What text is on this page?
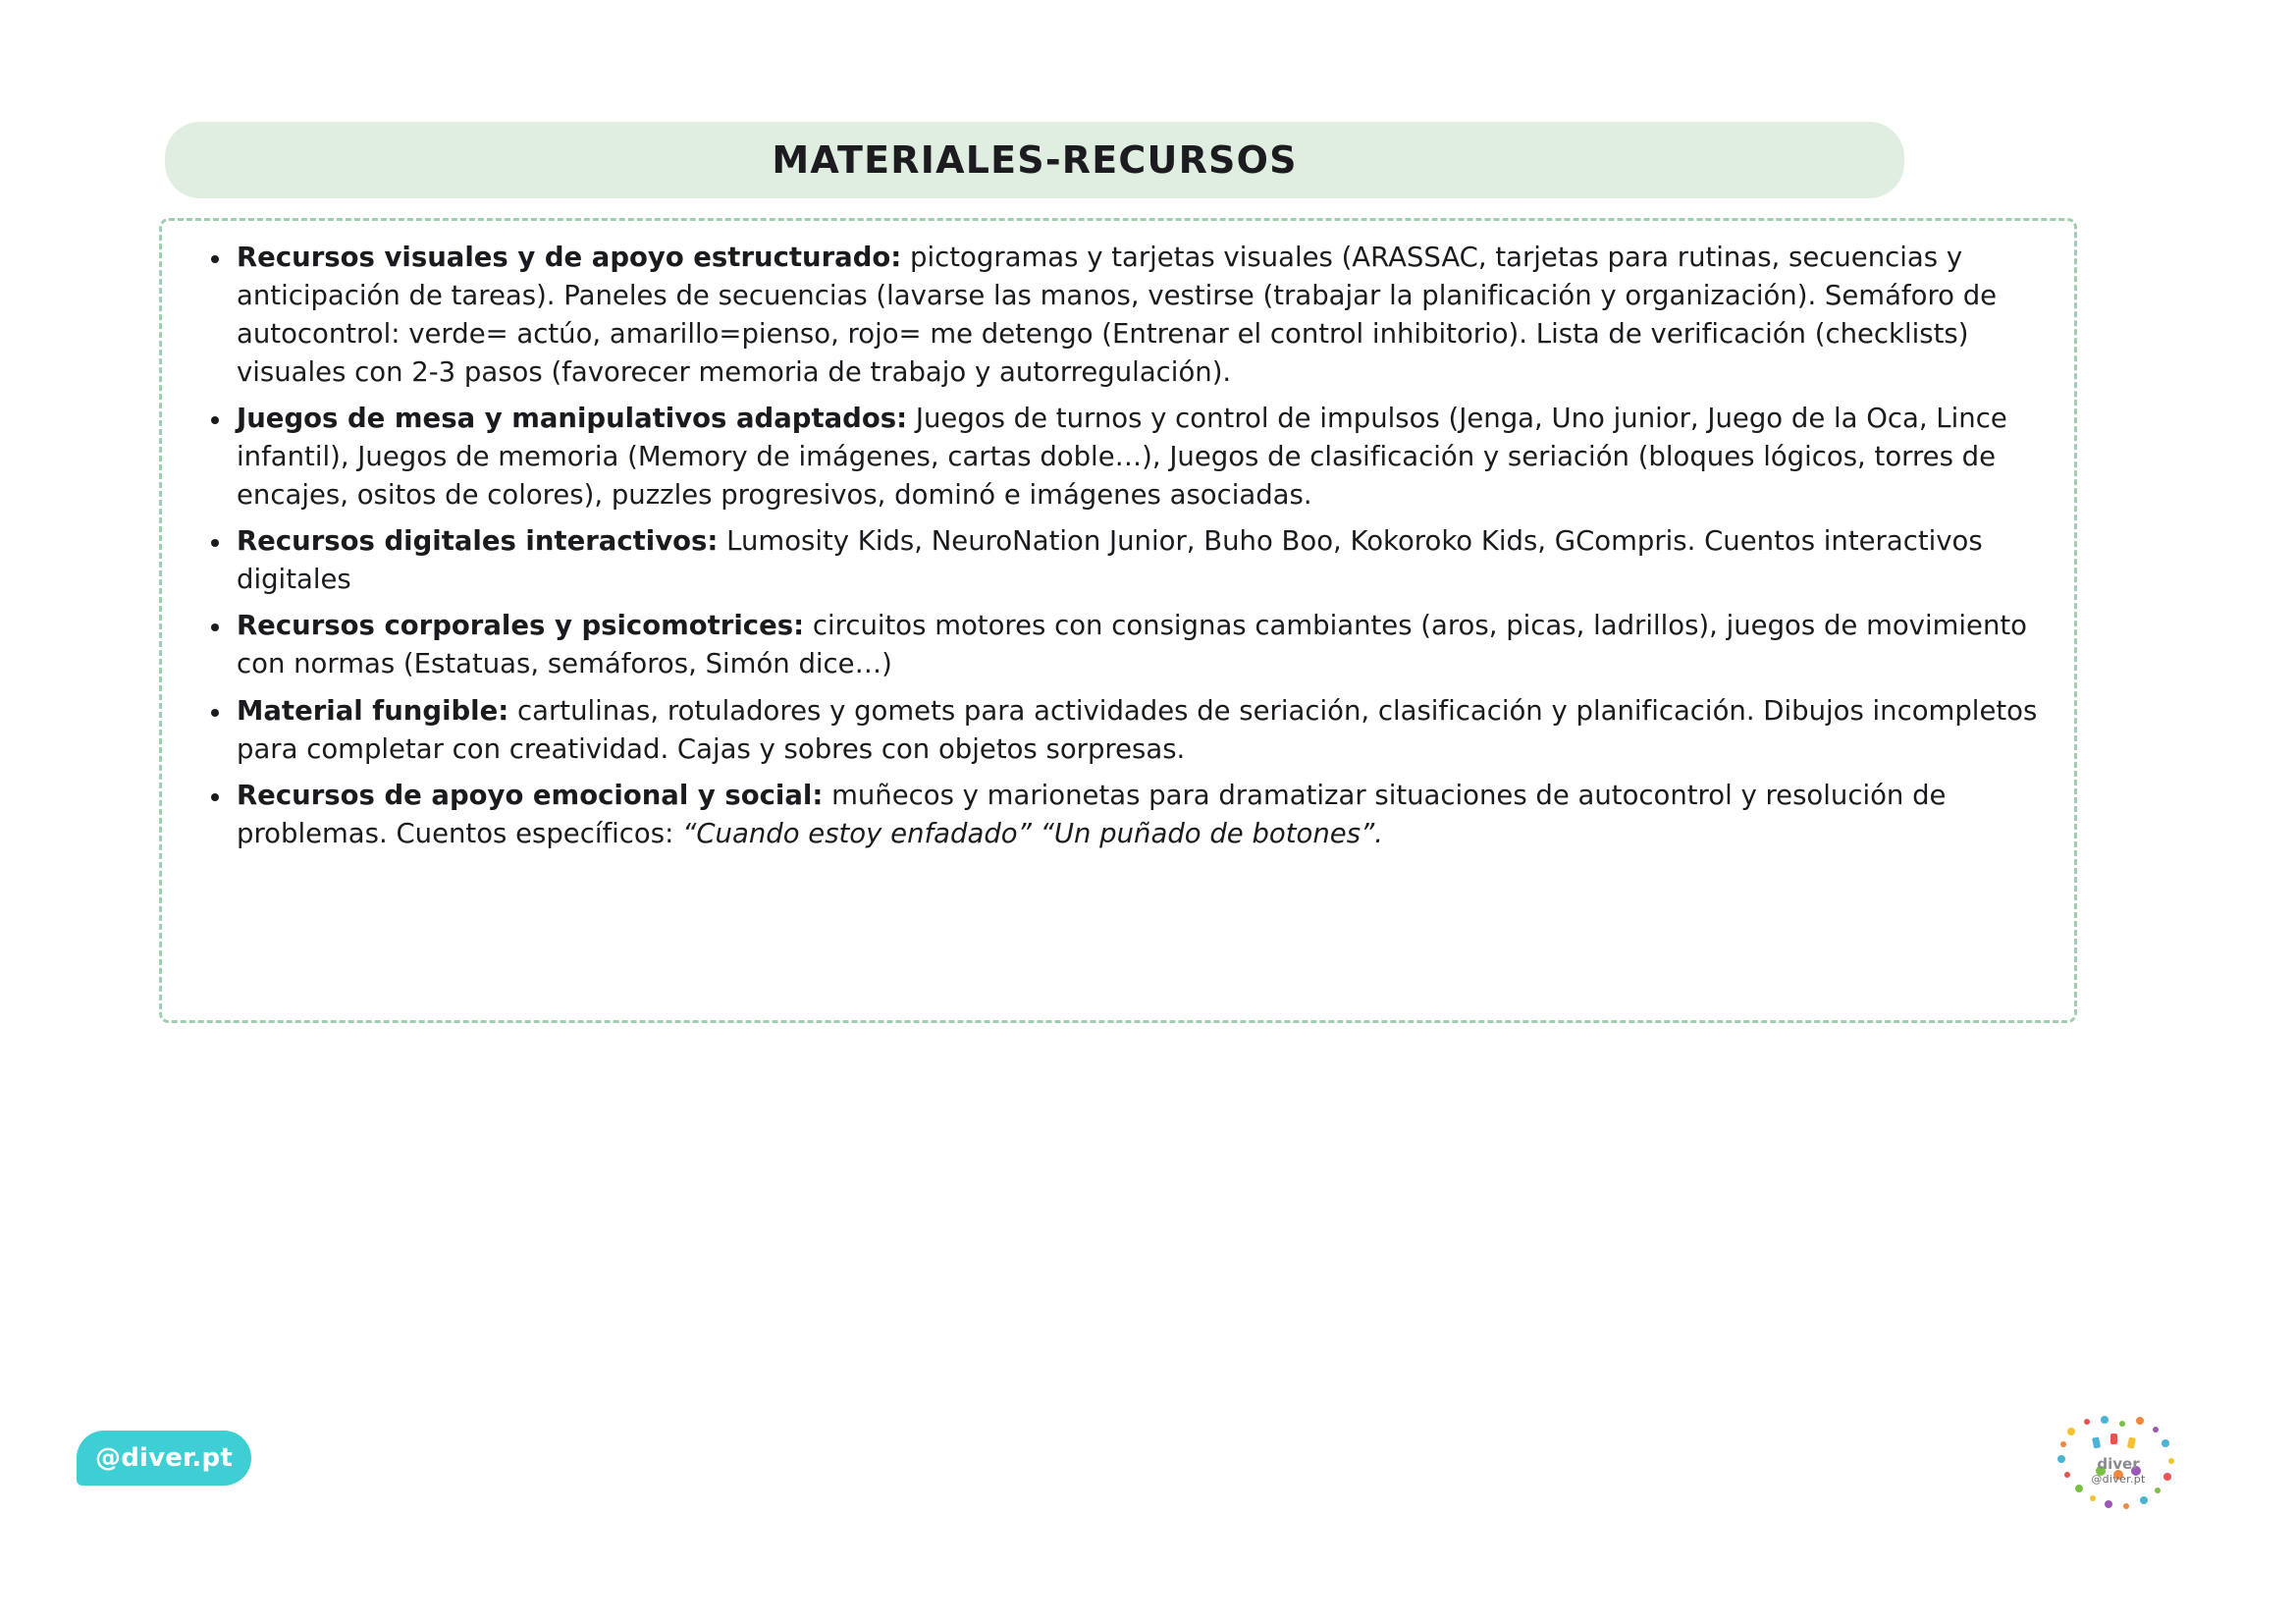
MATERIALES-RECURSOS
Recursos visuales y de apoyo estructurado: pictogramas y tarjetas visuales (ARASSAC, tarjetas para rutinas, secuencias y anticipación de tareas). Paneles de secuencias (lavarse las manos, vestirse (trabajar la planificación y organización). Semáforo de autocontrol: verde= actúo, amarillo=pienso, rojo= me detengo (Entrenar el control inhibitorio). Lista de verificación (checklists) visuales con 2-3 pasos (favorecer memoria de trabajo y autorregulación).
Juegos de mesa y manipulativos adaptados: Juegos de turnos y control de impulsos (Jenga, Uno junior, Juego de la Oca, Lince infantil), Juegos de memoria (Memory de imágenes, cartas doble…), Juegos de clasificación y seriación (bloques lógicos, torres de encajes, ositos de colores), puzzles progresivos, dominó e imágenes asociadas.
Recursos digitales interactivos: Lumosity Kids, NeuroNation Junior, Buho Boo, Kokoroko Kids, GCompris. Cuentos interactivos digitales
Recursos corporales y psicomotrices: circuitos motores con consignas cambiantes (aros, picas, ladrillos), juegos de movimiento con normas (Estatuas, semáforos, Simón dice…)
Material fungible: cartulinas, rotuladores y gomets para actividades de seriación, clasificación y planificación. Dibujos incompletos para completar con creatividad. Cajas y sobres con objetos sorpresas.
Recursos de apoyo emocional y social: muñecos y marionetas para dramatizar situaciones de autocontrol y resolución de problemas. Cuentos específicos: “Cuando estoy enfadado” “Un puñado de botones”.
@diver.pt	diver
@diver.pt
